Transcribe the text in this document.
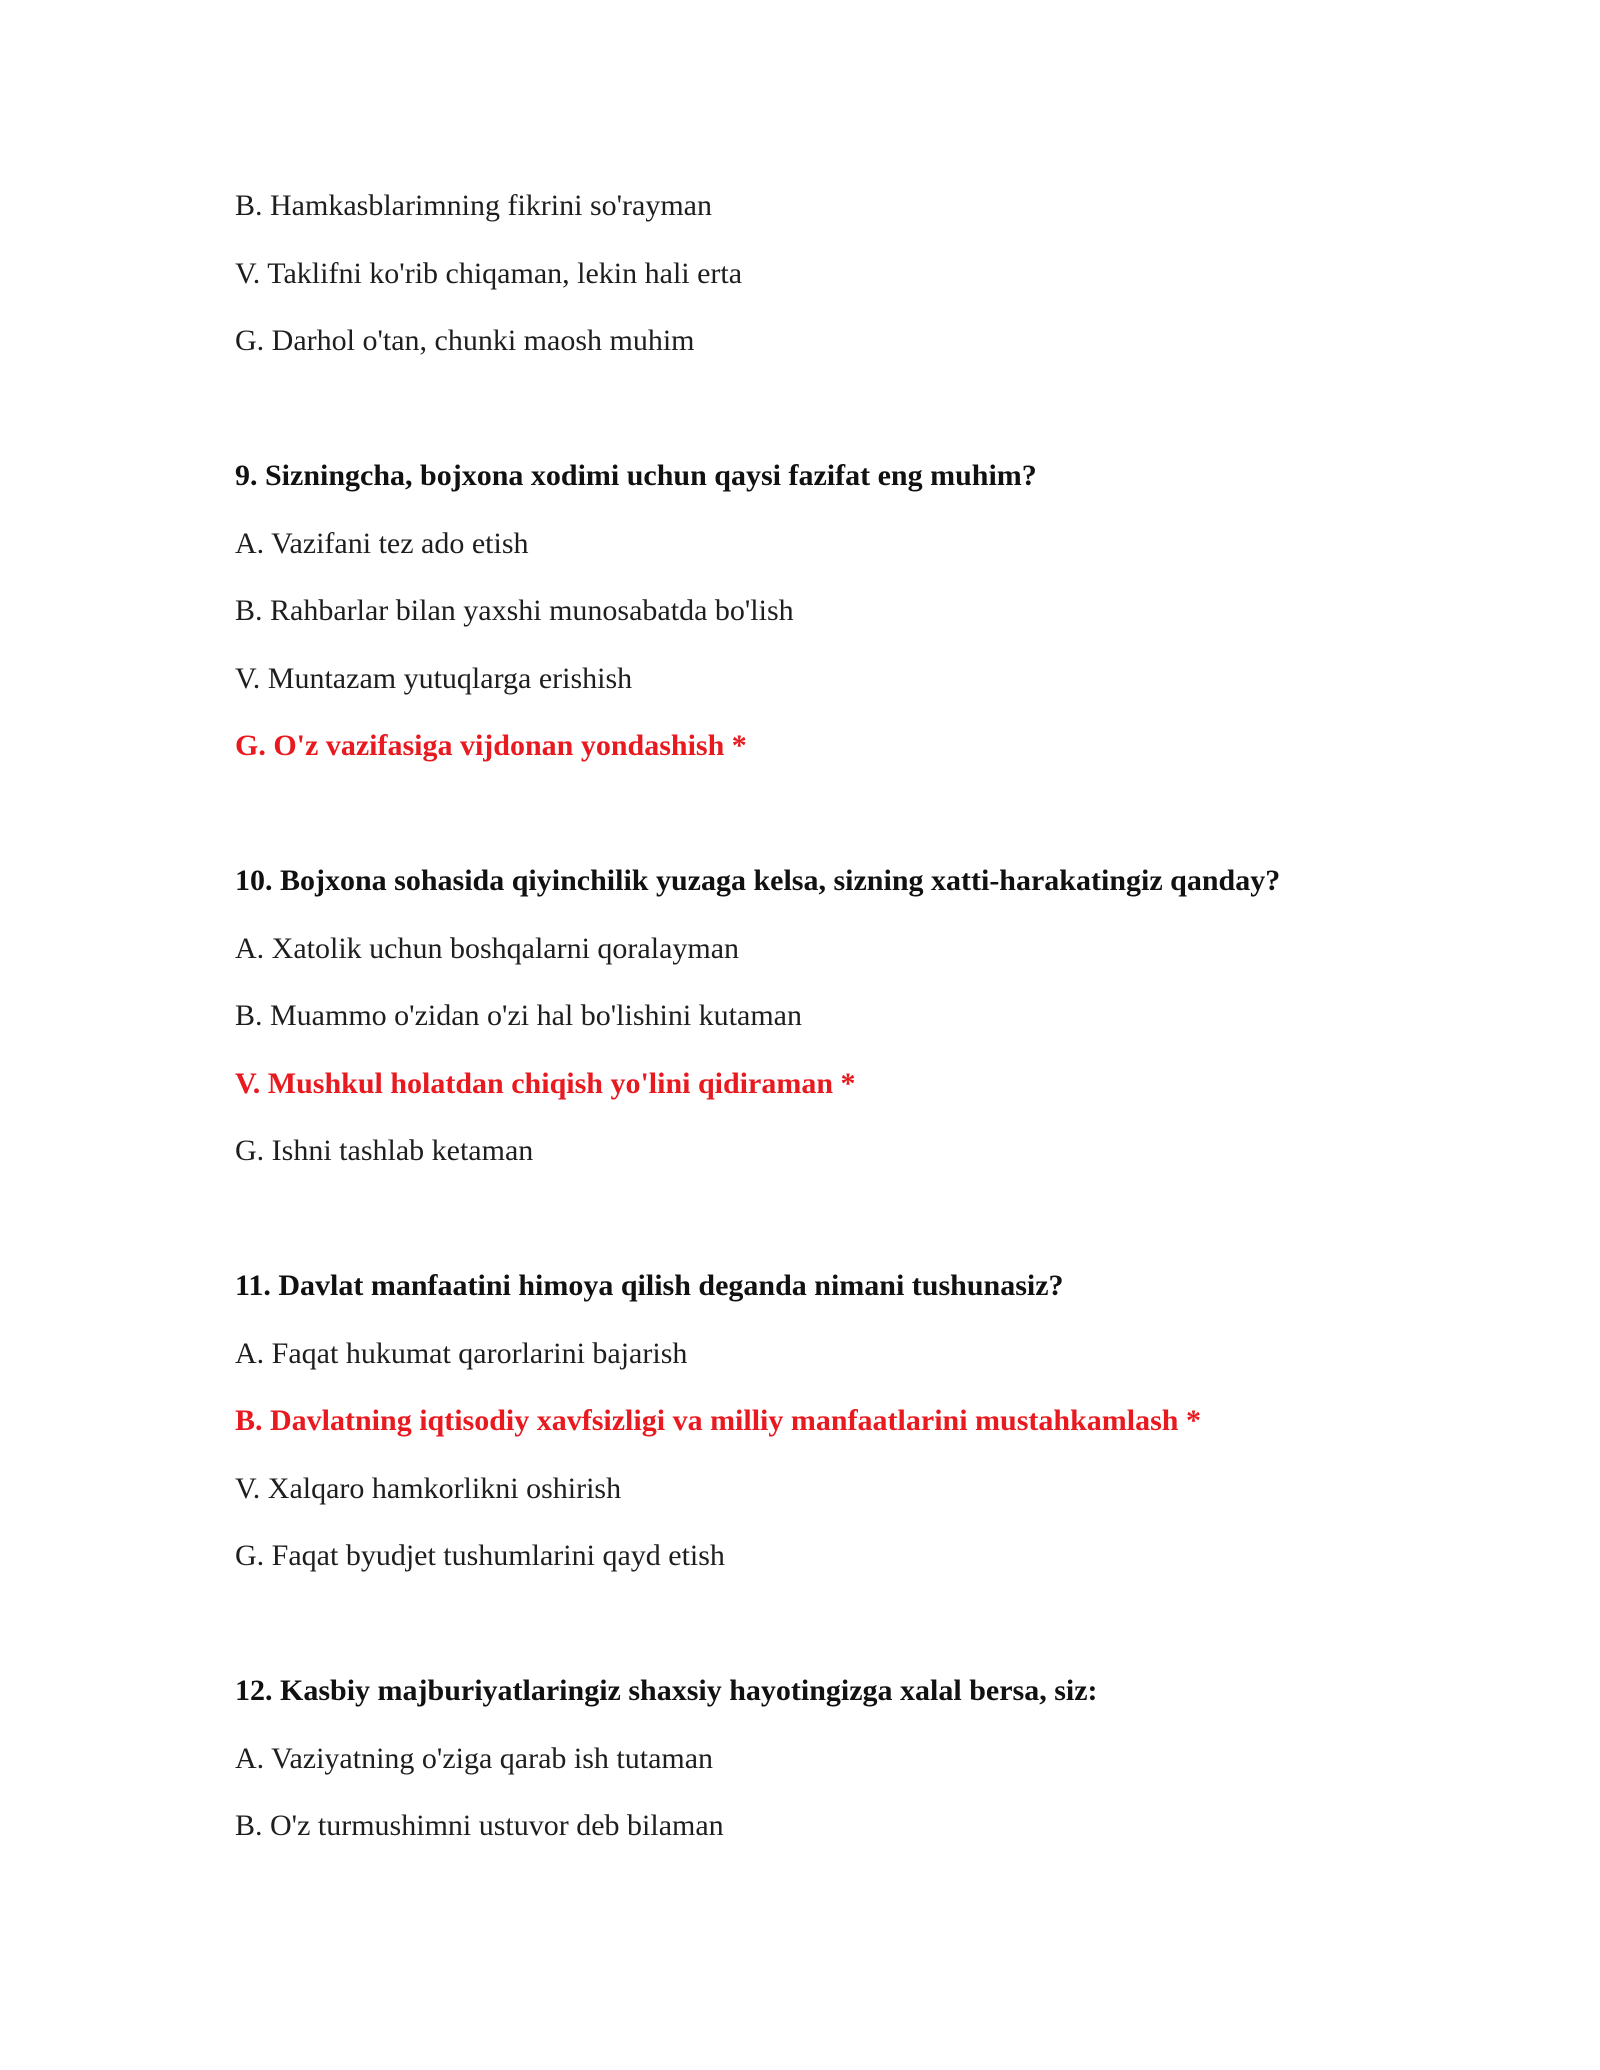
B. Hamkasblarimning fikrini so'rayman
V. Taklifni ko'rib chiqaman, lekin hali erta
G. Darhol o'tan, chunki maosh muhim
9. Sizningcha, bojxona xodimi uchun qaysi fazifat eng muhim?
A. Vazifani tez ado etish
B. Rahbarlar bilan yaxshi munosabatda bo'lish
V. Muntazam yutuqlarga erishish
G. O'z vazifasiga vijdonan yondashish *
10. Bojxona sohasida qiyinchilik yuzaga kelsa, sizning xatti-harakatingiz qanday?
A. Xatolik uchun boshqalarni qoralayman
B. Muammo o'zidan o'zi hal bo'lishini kutaman
V. Mushkul holatdan chiqish yo'lini qidiraman *
G. Ishni tashlab ketaman
11. Davlat manfaatini himoya qilish deganda nimani tushunasiz?
A. Faqat hukumat qarorlarini bajarish
B. Davlatning iqtisodiy xavfsizligi va milliy manfaatlarini mustahkamlash *
V. Xalqaro hamkorlikni oshirish
G. Faqat byudjet tushumlarini qayd etish
12. Kasbiy majburiyatlaringiz shaxsiy hayotingizga xalal bersa, siz:
A. Vaziyatning o'ziga qarab ish tutaman
B. O'z turmushimni ustuvor deb bilaman
